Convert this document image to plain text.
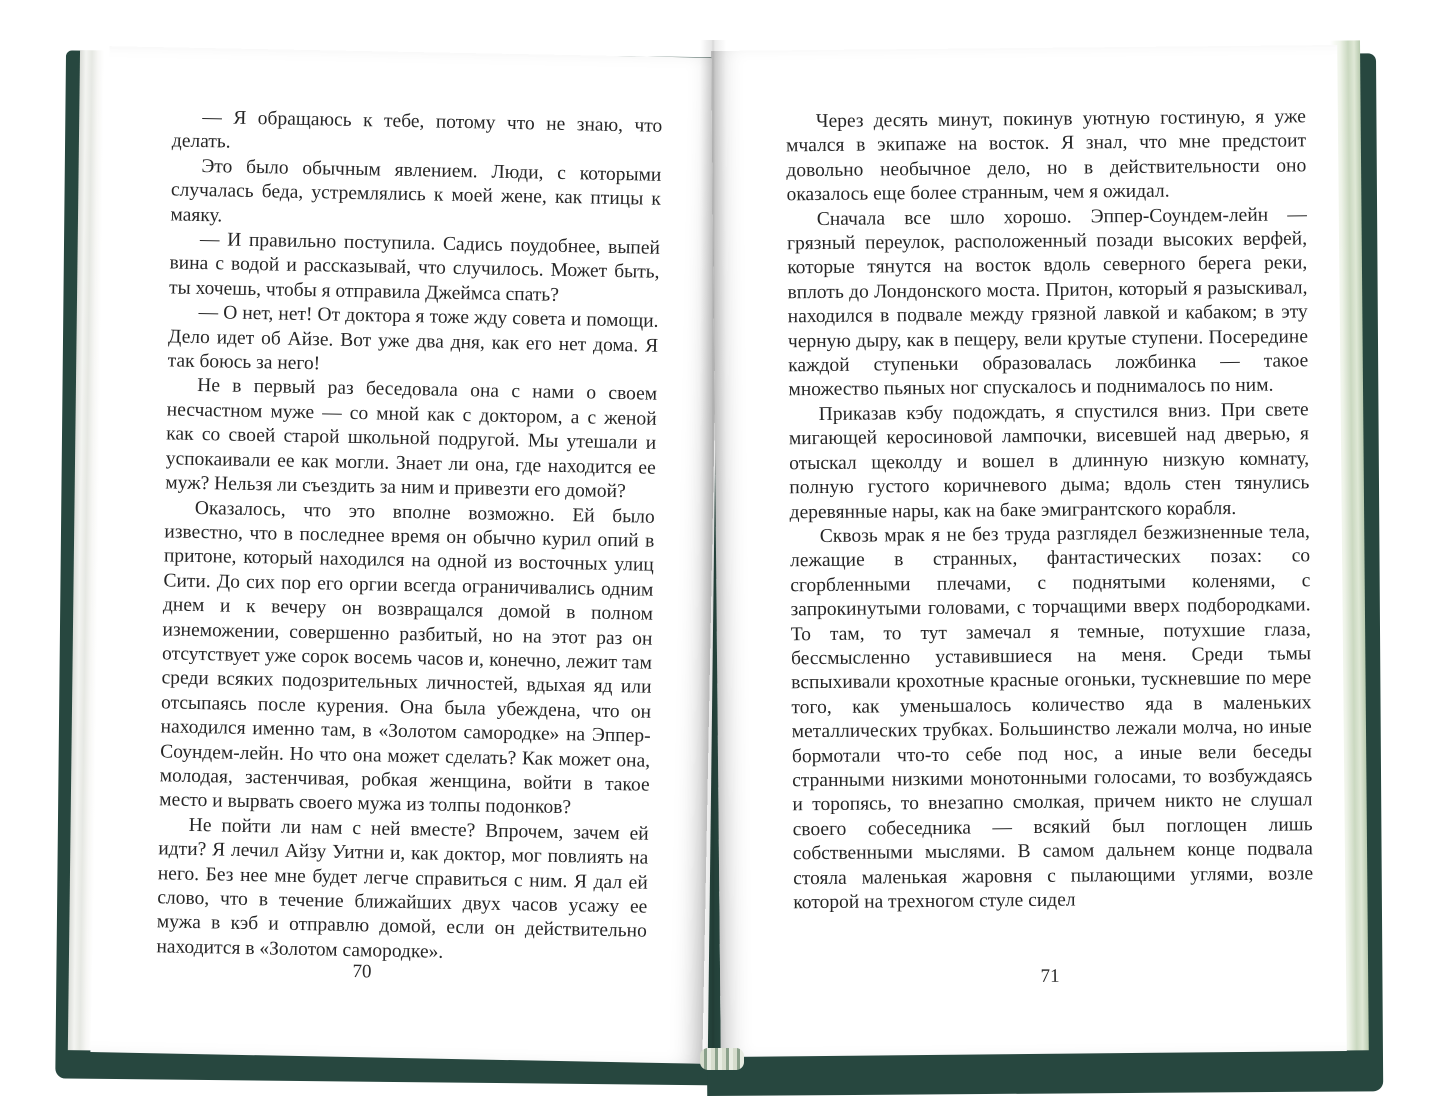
— Я обращаюсь к тебе, потому что не знаю, что делать.

Это было обычным явлением. Люди, с которыми случалась беда, устремлялись к моей жене, как птицы к маяку.

— И правильно поступила. Садись поудобнее, выпей вина с водой и рассказывай, что случилось. Может быть, ты хочешь, чтобы я отправила Джеймса спать?

— О нет, нет! От доктора я тоже жду совета и помощи. Дело идет об Айзе. Вот уже два дня, как его нет дома. Я так боюсь за него!

Не в первый раз беседовала она с нами о своем несчастном муже — со мной как с доктором, а с женой как со своей старой школьной подругой. Мы утешали и успокаивали ее как могли. Знает ли она, где находится ее муж? Нельзя ли съездить за ним и привезти его домой?

Оказалось, что это вполне возможно. Ей было известно, что в последнее время он обычно курил опий в притоне, который находился на одной из восточных улиц Сити. До сих пор его оргии всегда ограничивались одним днем и к вечеру он возвращался домой в полном изнеможении, совершенно разбитый, но на этот раз он отсутствует уже сорок восемь часов и, конечно, лежит там среди всяких подозрительных личностей, вдыхая яд или отсыпаясь после курения. Она была убеждена, что он находился именно там, в «Золотом самородке» на Эппер-Соундем-лейн. Но что она может сделать? Как может она, молодая, застенчивая, робкая женщина, войти в такое место и вырвать своего мужа из толпы подонков?

Не пойти ли нам с ней вместе? Впрочем, зачем ей идти? Я лечил Айзу Уитни и, как доктор, мог повлиять на него. Без нее мне будет легче справиться с ним. Я дал ей слово, что в течение ближайших двух часов усажу ее мужа в кэб и отправлю домой, если он действительно находится в «Золотом самородке».

70

Через десять минут, покинув уютную гостиную, я уже мчался в экипаже на восток. Я знал, что мне предстоит довольно необычное дело, но в действительности оно оказалось еще более странным, чем я ожидал.

Сначала все шло хорошо. Эппер-Соундем-лейн — грязный переулок, расположенный позади высоких верфей, которые тянутся на восток вдоль северного берега реки, вплоть до Лондонского моста. Притон, который я разыскивал, находился в подвале между грязной лавкой и кабаком; в эту черную дыру, как в пещеру, вели крутые ступени. Посередине каждой ступеньки образовалась ложбинка — такое множество пьяных ног спускалось и поднималось по ним.

Приказав кэбу подождать, я спустился вниз. При свете мигающей керосиновой лампочки, висевшей над дверью, я отыскал щеколду и вошел в длинную низкую комнату, полную густого коричневого дыма; вдоль стен тянулись деревянные нары, как на баке эмигрантского корабля.

Сквозь мрак я не без труда разглядел безжизненные тела, лежащие в странных, фантастических позах: со сгорбленными плечами, с поднятыми коленями, с запрокинутыми головами, с торчащими вверх подбородками. То там, то тут замечал я темные, потухшие глаза, бессмысленно уставившиеся на меня. Среди тьмы вспыхивали крохотные красные огоньки, тускневшие по мере того, как уменьшалось количество яда в маленьких металлических трубках. Большинство лежали молча, но иные бормотали что-то себе под нос, а иные вели беседы странными низкими монотонными голосами, то возбуждаясь и торопясь, то внезапно смолкая, причем никто не слушал своего собеседника — всякий был поглощен лишь собственными мыслями. В самом дальнем конце подвала стояла маленькая жаровня с пылающими углями, возле которой на трехногом стуле сидел

71
